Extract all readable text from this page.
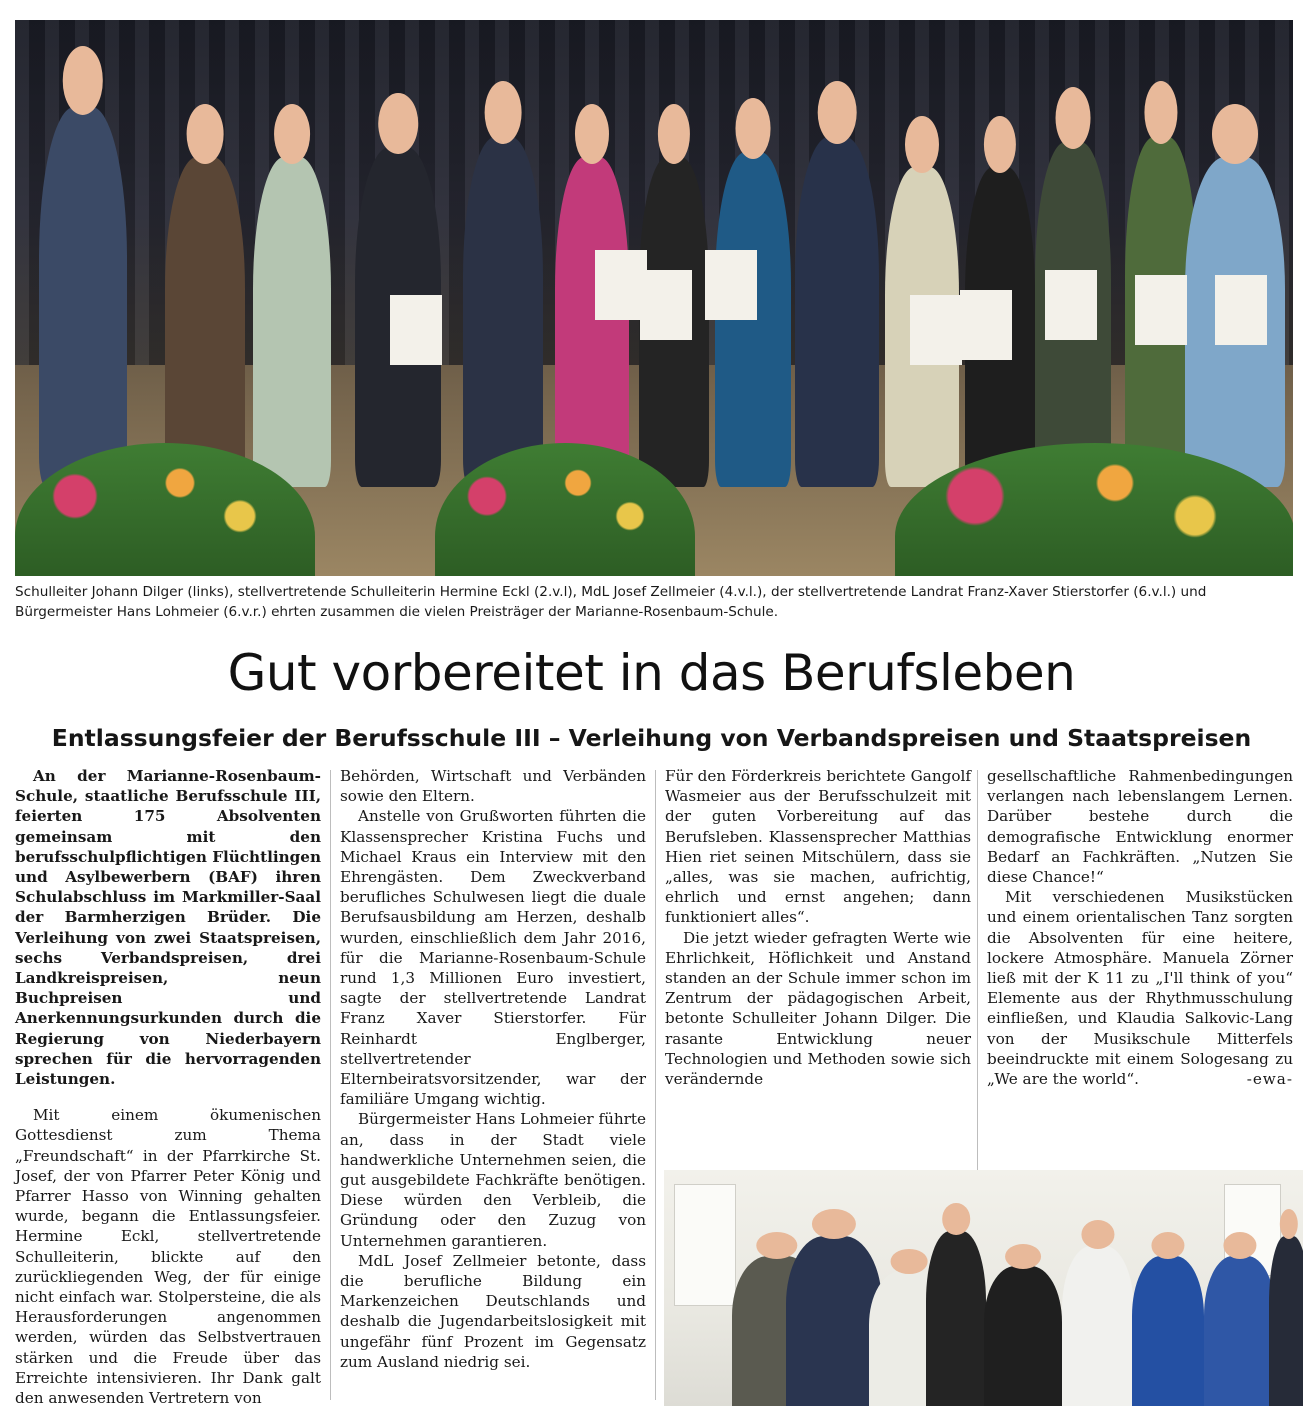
Schulleiter Johann Dilger (links), stellvertretende Schulleiterin Hermine Eckl (2.v.l), MdL Josef Zellmeier (4.v.l.), der stellvertretende Landrat Franz-Xaver Stierstorfer (6.v.l.) und Bürgermeister Hans Lohmeier (6.v.r.) ehrten zusammen die vielen Preisträger der Marianne-Rosenbaum-Schule.
Gut vorbereitet in das Berufsleben
Entlassungsfeier der Berufsschule III – Verleihung von Verbandspreisen und Staatspreisen

An der Marianne-Rosenbaum-Schule, staatliche Berufsschule III, feierten 175 Absolventen gemeinsam mit den berufsschulpflichtigen Flüchtlingen und Asylbewerbern (BAF) ihren Schulabschluss im Markmiller-Saal der Barmherzigen Brüder. Die Verleihung von zwei Staatspreisen, sechs Verbandspreisen, drei Landkreispreisen, neun Buchpreisen und Anerkennungsurkunden durch die Regierung von Niederbayern sprechen für die hervorragenden Leistungen.

Mit einem ökumenischen Gottesdienst zum Thema „Freundschaft“ in der Pfarrkirche St. Josef, der von Pfarrer Peter König und Pfarrer Hasso von Winning gehalten wurde, begann die Entlassungsfeier. Hermine Eckl, stellvertretende Schulleiterin, blickte auf den zurückliegenden Weg, der für einige nicht einfach war. Stolpersteine, die als Herausforderungen angenommen werden, würden das Selbstvertrauen stärken und die Freude über das Erreichte intensivieren. Ihr Dank galt den anwesenden Vertretern von

Behörden, Wirtschaft und Verbänden sowie den Eltern.

Anstelle von Grußworten führten die Klassensprecher Kristina Fuchs und Michael Kraus ein Interview mit den Ehrengästen. Dem Zweckverband berufliches Schulwesen liegt die duale Berufsausbildung am Herzen, deshalb wurden, einschließlich dem Jahr 2016, für die Marianne-Rosenbaum-Schule rund 1,3 Millionen Euro investiert, sagte der stellvertretende Landrat Franz Xaver Stierstorfer. Für Reinhardt Englberger, stellvertretender Elternbeiratsvorsitzender, war der familiäre Umgang wichtig.

Bürgermeister Hans Lohmeier führte an, dass in der Stadt viele handwerkliche Unternehmen seien, die gut ausgebildete Fachkräfte benötigen. Diese würden den Verbleib, die Gründung oder den Zuzug von Unternehmen garantieren.

MdL Josef Zellmeier betonte, dass die berufliche Bildung ein Markenzeichen Deutschlands und deshalb die Jugendarbeitslosigkeit mit ungefähr fünf Prozent im Gegensatz zum Ausland niedrig sei.

Für den Förderkreis berichtete Gangolf Wasmeier aus der Berufsschulzeit mit der guten Vorbereitung auf das Berufsleben. Klassensprecher Matthias Hien riet seinen Mitschülern, dass sie „alles, was sie machen, aufrichtig, ehrlich und ernst angehen; dann funktioniert alles“.

Die jetzt wieder gefragten Werte wie Ehrlichkeit, Höflichkeit und Anstand standen an der Schule immer schon im Zentrum der pädagogischen Arbeit, betonte Schulleiter Johann Dilger. Die rasante Entwicklung neuer Technologien und Methoden sowie sich verändernde

gesellschaftliche Rahmenbedingungen verlangen nach lebenslangem Lernen. Darüber bestehe durch die demografische Entwicklung enormer Bedarf an Fachkräften. „Nutzen Sie diese Chance!“

Mit verschiedenen Musikstücken und einem orientalischen Tanz sorgten die Absolventen für eine heitere, lockere Atmosphäre. Manuela Zörner ließ mit der K 11 zu „I'll think of you“ Elemente aus der Rhythmusschulung einfließen, und Klaudia Salkovic-Lang von der Musikschule Mitterfels beeindruckte mit einem Sologesang zu „We are the world“.	-ewa-
